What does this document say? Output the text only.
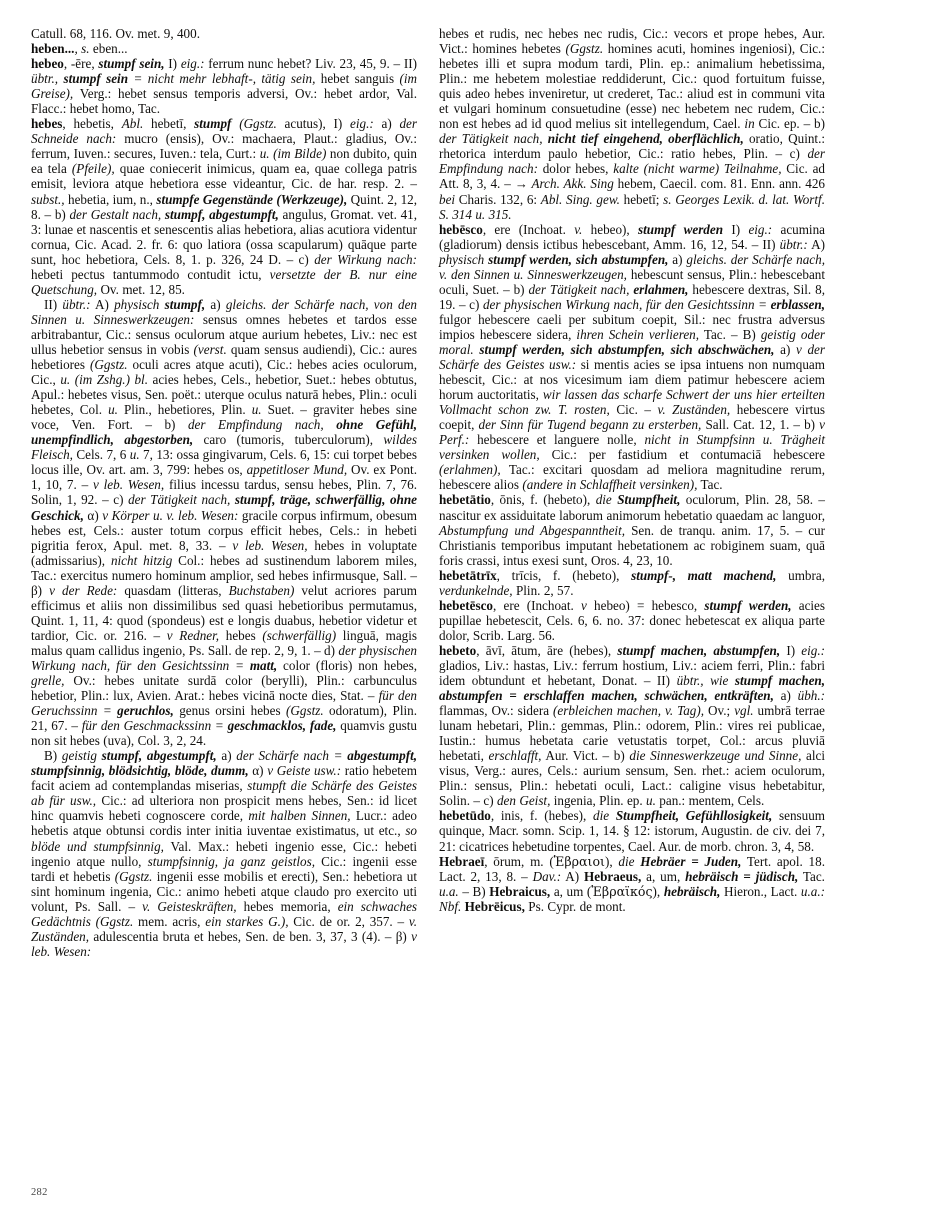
Catull. 68, 116. Ov. met. 9, 400.

heben..., s. eben...

hebeo, -ēre, stumpf sein, I) eig.: ferrum nunc hebet? Liv. 23, 45, 9. – II) übtr., stumpf sein = nicht mehr lebhaft-, tätig sein, hebet sanguis (im Greise), Verg.: hebet sensus temporis adversi, Ov.: hebet ardor, Val. Flacc.: hebet homo, Tac.

hebes, hebetis, Abl. hebetī, stumpf (Ggstz. acutus), I) eig.: a) der Schneide nach: mucro (ensis), Ov.: machaera, Plaut.: gladius, Ov.: ferrum, Iuven.: secures, Iuven.: tela, Curt.: u. (im Bilde) non dubito, quin ea tela (Pfeile), quae coniecerit inimicus, quam ea, quae collega patris emisit, leviora atque hebetiora esse videantur, Cic. de har. resp. 2. – subst., hebetia, ium, n., stumpfe Gegenstände (Werkzeuge), Quint. 2, 12, 8. – b) der Gestalt nach, stumpf, abgestumpft, angulus, Gromat. vet. 41, 3: lunae et nascentis et senescentis alias hebetiora, alias acutiora videntur cornua, Cic. Acad. 2. fr. 6: quo latiora (ossa scapularum) quāque parte sunt, hoc hebetiora, Cels. 8, 1. p. 326, 24 D. – c) der Wirkung nach: hebeti pectus tantummodo contudit ictu, versetzte der B. nur eine Quetschung, Ov. met. 12, 85.

II) übtr.: A) physisch stumpf, a) gleichs. der Schärfe nach, von den Sinnen u. Sinneswerkzeugen: sensus omnes hebetes et tardos esse arbitrabantur, Cic.: sensus oculorum atque aurium hebetes, Liv.: nec est ullus hebetior sensus in vobis (verst. quam sensus audiendi), Cic.: aures hebetiores (Ggstz. oculi acres atque acuti), Cic.: hebes acies oculorum, Cic., u. (im Zshg.) bl. acies hebes, Cels., hebetior, Suet.: hebes obtutus, Apul.: hebetes visus, Sen. poët.: uterque oculus naturā hebes, Plin.: oculi hebetes, Col. u. Plin., hebetiores, Plin. u. Suet. – graviter hebes sine voce, Ven. Fort. – b) der Empfindung nach, ohne Gefühl, unempfindlich, abgestorben, caro (tumoris, tuberculorum), wildes Fleisch, Cels. 7, 6 u. 7, 13: ossa gingivarum, Cels. 6, 15: cui torpet bebes locus ille, Ov. art. am. 3, 799: hebes os, appetitloser Mund, Ov. ex Pont. 1, 10, 7. – v leb. Wesen, filius incessu tardus, sensu hebes, Plin. 7, 76. Solin, 1, 92. – c) der Tätigkeit nach, stumpf, träge, schwerfällig, ohne Geschick, α) v Körper u. v. leb. Wesen: gracile corpus infirmum, obesum hebes est, Cels.: auster totum corpus efficit hebes, Cels.: in hebeti pigritia ferox, Apul. met. 8, 33. – v leb. Wesen, hebes in voluptate (admissarius), nicht hitzig Col.: hebes ad sustinendum laborem miles, Tac.: exercitus numero hominum amplior, sed hebes infirmusque, Sall. – β) v der Rede: quasdam (litteras, Buchstaben) velut acriores parum efficimus et aliis non dissimilibus sed quasi hebetioribus permutamus, Quint. 1, 11, 4: quod (spondeus) est e longis duabus, hebetior videtur et tardior, Cic. or. 216. – v Redner, hebes (schwerfällig) linguā, magis malus quam callidus ingenio, Ps. Sall. de rep. 2, 9, 1. – d) der physischen Wirkung nach, für den Gesichtssinn = matt, color (floris) non hebes, grelle, Ov.: hebes unitate surdā color (berylli), Plin.: carbunculus hebetior, Plin.: lux, Avien. Arat.: hebes vicinā nocte dies, Stat. – für den Geruchssinn = geruchlos, genus orsini hebes (Ggstz. odoratum), Plin. 21, 67. – für den Geschmackssinn = geschmacklos, fade, quamvis gustu non sit hebes (uva), Col. 3, 2, 24.

B) geistig stumpf, abgestumpft, a) der Schärfe nach = abgestumpft, stumpfsinnig, blödsichtig, blöde, dumm, α) v Geiste usw.: ratio hebetem facit aciem ad contemplandas miserias, stumpft die Schärfe des Geistes ab für usw., Cic.: ad ulteriora non prospicit mens hebes, Sen.: id licet hinc quamvis hebeti cognoscere corde, mit halben Sinnen, Lucr.: adeo hebetis atque obtunsi cordis inter initia iuventae existimatus, ut etc., so blöde und stumpfsinnig, Val. Max.: hebeti ingenio esse, Cic.: hebeti ingenio atque nullo, stumpfsinnig, ja ganz geistlos, Cic.: ingenii esse tardi et hebetis (Ggstz. ingenii esse mobilis et erecti), Sen.: hebetiora ut sint hominum ingenia, Cic.: animo hebeti atque claudo pro exercito uti volunt, Ps. Sall. – v. Geisteskräften, hebes memoria, ein schwaches Gedächtnis (Ggstz. mem. acris, ein starkes G.), Cic. de or. 2, 357. – v. Zuständen, adulescentia bruta et hebes, Sen. de ben. 3, 37, 3 (4). – β) v leb. Wesen:

hebes et rudis, nec hebes nec rudis, Cic.: vecors et prope hebes, Aur. Vict.: homines hebetes (Ggstz. homines acuti, homines ingeniosi), Cic.: hebetes illi et supra modum tardi, Plin. ep.: animalium hebetissima, Plin.: me hebetem molestiae reddiderunt, Cic.: quod fortuitum fuisse, quis adeo hebes inveniretur, ut crederet, Tac.: aliud est in communi vita et vulgari hominum consuetudine (esse) nec hebetem nec rudem, Cic.: non est hebes ad id quod melius sit intellegendum, Cael. in Cic. ep. – b) der Tätigkeit nach, nicht tief eingehend, oberflächlich, oratio, Quint.: rhetorica interdum paulo hebetior, Cic.: ratio hebes, Plin. – c) der Empfindung nach: dolor hebes, kalte (nicht warme) Teilnahme, Cic. ad Att. 8, 3, 4. – → Arch. Akk. Sing hebem, Caecil. com. 81. Enn. ann. 426 bei Charis. 132, 6: Abl. Sing. gew. hebetī; s. Georges Lexik. d. lat. Wortf. S. 314 u. 315.

hebēsco, ere (Inchoat. v. hebeo), stumpf werden I) eig.: acumina (gladiorum) densis ictibus hebescebant, Amm. 16, 12, 54. – II) übtr.: A) physisch stumpf werden, sich abstumpfen, a) gleichs. der Schärfe nach, v. den Sinnen u. Sinneswerkzeugen, hebescunt sensus, Plin.: hebescebant oculi, Suet. – b) der Tätigkeit nach, erlahmen, hebescere dextras, Sil. 8, 19. – c) der physischen Wirkung nach, für den Gesichtssinn = erblassen, fulgor hebescere caeli per subitum coepit, Sil.: nec frustra adversus impios hebescere sidera, ihren Schein verlieren, Tac. – B) geistig oder moral. stumpf werden, sich abstumpfen, sich abschwächen, a) v der Schärfe des Geistes usw.: si mentis acies se ipsa intuens non numquam hebescit, Cic.: at nos vicesimum iam diem patimur hebescere aciem horum auctoritatis, wir lassen das scharfe Schwert der uns hier erteilten Vollmacht schon zw. T. rosten, Cic. – v. Zuständen, hebescere virtus coepit, der Sinn für Tugend begann zu ersterben, Sall. Cat. 12, 1. – b) v Perf.: hebescere et languere nolle, nicht in Stumpfsinn u. Trägheit versinken wollen, Cic.: per fastidium et contumaciā hebescere (erlahmen), Tac.: excitari quosdam ad meliora magnitudine rerum, hebescere alios (andere in Schlaffheit versinken), Tac.

hebetātio, ōnis, f. (hebeto), die Stumpfheit, oculorum, Plin. 28, 58. – nascitur ex assiduitate laborum animorum hebetatio quaedam ac languor, Abstumpfung und Abgespanntheit, Sen. de tranqu. anim. 17, 5. – cur Christianis temporibus imputant hebetationem ac robiginem suam, quā foris crassi, intus exesi sunt, Oros. 4, 23, 10.

hebetātrīx, trīcis, f. (hebeto), stumpf-, matt machend, umbra, verdunkelnde, Plin. 2, 57.

hebetēsco, ere (Inchoat. v hebeo) = hebesco, stumpf werden, acies pupillae hebetescit, Cels. 6, 6. no. 37: donec hebetescat ex aliqua parte dolor, Scrib. Larg. 56.

hebeto, āvī, ātum, āre (hebes), stumpf machen, abstumpfen, I) eig.: gladios, Liv.: hastas, Liv.: ferrum hostium, Liv.: aciem ferri, Plin.: fabri idem obtundunt et hebetant, Donat. – II) übtr., wie stumpf machen, abstumpfen = erschlaffen machen, schwächen, entkräften, a) übh.: flammas, Ov.: sidera (erbleichen machen, v. Tag), Ov.; vgl. umbrā terrae lunam hebetari, Plin.: gemmas, Plin.: odorem, Plin.: vires rei publicae, Iustin.: humus hebetata carie vetustatis torpet, Col.: arcus pluviā hebetati, erschlafft, Aur. Vict. – b) die Sinneswerkzeuge und Sinne, alci visus, Verg.: aures, Cels.: aurium sensum, Sen. rhet.: aciem oculorum, Plin.: sensus, Plin.: hebetati oculi, Lact.: caligine visus hebetabitur, Solin. – c) den Geist, ingenia, Plin. ep. u. pan.: mentem, Cels.

hebetūdo, inis, f. (hebes), die Stumpfheit, Gefühllosigkeit, sensuum quinque, Macr. somn. Scip. 1, 14. § 12: istorum, Augustin. de civ. dei 7, 21: cicatrices hebetudine torpentes, Cael. Aur. de morb. chron. 3, 4, 58.

Hebraeī, ōrum, m. (Ἑβραιοι), die Hebräer = Juden, Tert. apol. 18. Lact. 2, 13, 8. – Dav.: A) Hebraeus, a, um, hebräisch = jüdisch, Tac. u.a. – B) Hebraicus, a, um (Ἑβραϊκός), hebräisch, Hieron., Lact. u.a.: Nbf. Hebrēicus, Ps. Cypr. de mont.

282
